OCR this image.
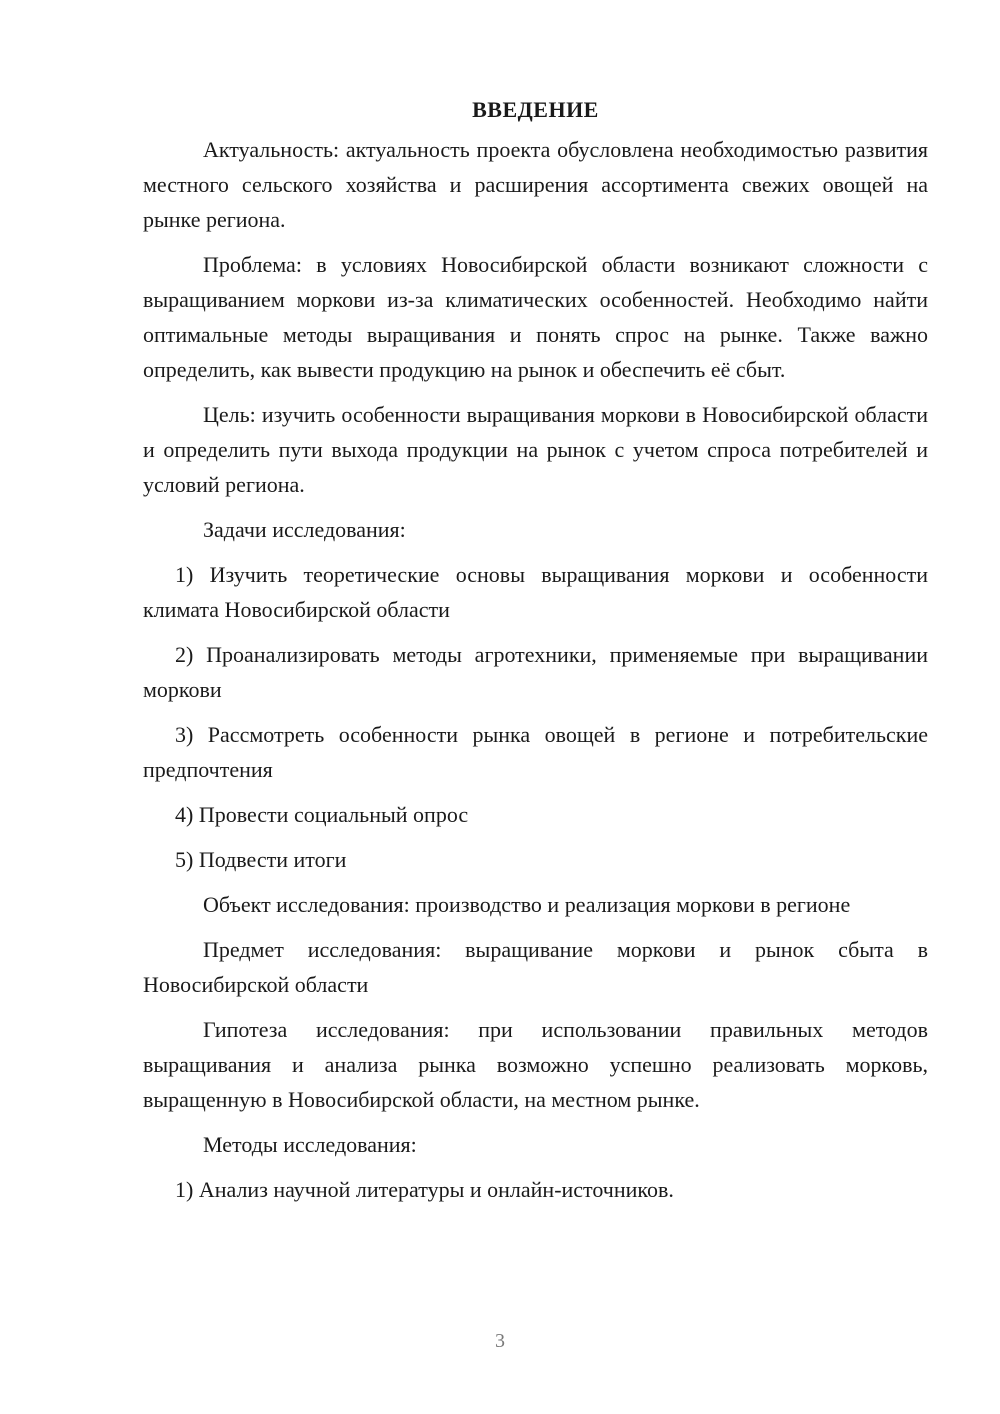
ВВЕДЕНИЕ

Актуальность: актуальность проекта обусловлена необходимостью развития местного сельского хозяйства и расширения ассортимента свежих овощей на рынке региона.

Проблема: в условиях Новосибирской области возникают сложности с выращиванием моркови из-за климатических особенностей. Необходимо найти оптимальные методы выращивания и понять спрос на рынке. Также важно определить, как вывести продукцию на рынок и обеспечить её сбыт.

Цель: изучить особенности выращивания моркови в Новосибирской области и определить пути выхода продукции на рынок с учетом спроса потребителей и условий региона.

Задачи исследования:

1) Изучить теоретические основы выращивания моркови и особенности климата Новосибирской области

2) Проанализировать методы агротехники, применяемые при выращивании моркови

3) Рассмотреть особенности рынка овощей в регионе и потребительские предпочтения

4) Провести социальный опрос

5) Подвести итоги

Объект исследования: производство и реализация моркови в регионе

Предмет исследования: выращивание моркови и рынок сбыта в Новосибирской области

Гипотеза исследования: при использовании правильных методов выращивания и анализа рынка возможно успешно реализовать морковь, выращенную в Новосибирской области, на местном рынке.

Методы исследования:

1) Анализ научной литературы и онлайн-источников.

3
